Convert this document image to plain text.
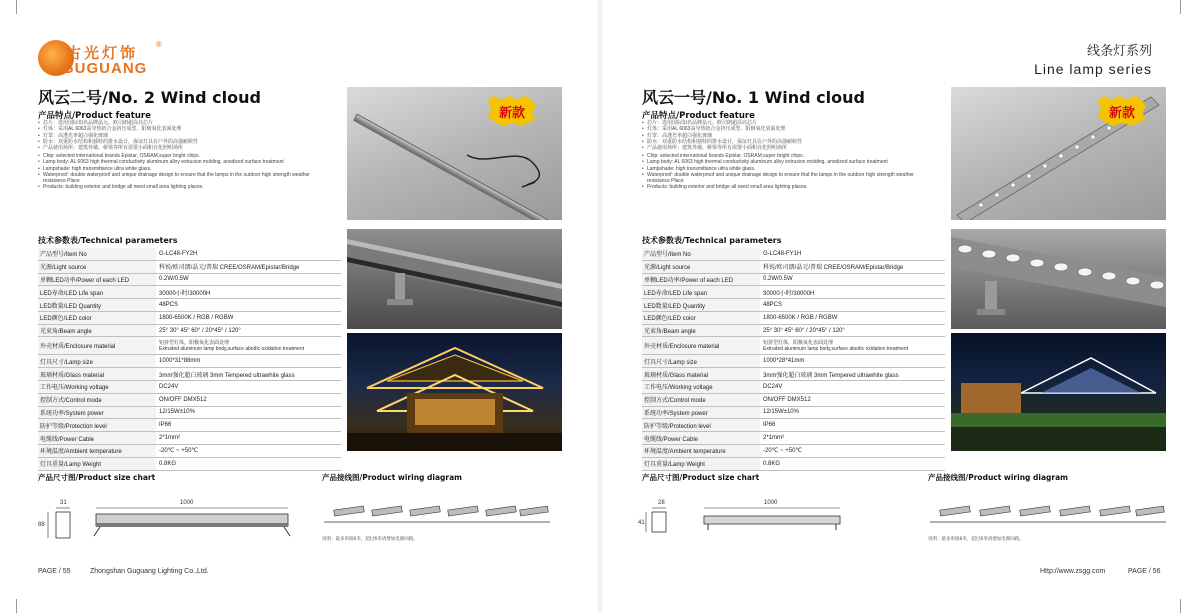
古光灯饰
GUGUANG
®
风云二号/No. 2 Wind cloud
产品特点/Product feature
• 芯片：选用国际知名品牌晶元、欧司朗超高亮芯片
• 灯体：采用AL 6063高导热铝合金挤压成型、阳极氧化表面处理
• 灯罩：高透光率超白强化玻璃
• 防水：双重防水结构和独特的排水设计，保证灯具在户外的高强耐候性
• 产品使用场所：建筑外墙、桥梁等所有需要小面积亮化照明场所
• Chip: selected international brands Epistar, OSRAM,super bright chips.
• Lamp body: AL 6063 high thermal conductivity aluminum alloy extrusion molding, anodized surface treatment
• Lampshade: high transmittance ultra white glass.
• Waterproof: double waterproof and unique drainage design to ensure that the lamps in the outdoor high strength weather resistance Place
• Products: building exterior and bridge all need small area lighting places.
新款
技术参数表/Technical parameters
产品型号/Item No	G-LC48-FY2H
光源/Light source	科锐/欧司朗/晶元/普瑞 CREE/OSRAM/Epistar/Bridge
单颗LED功率/Power of each LED	0.2W/0.5W
LED寿命/LED Life span	30000小时/30000H
LED数量/LED Quantity	48PCS
LED颜色/LED color	1800-6500K / RGB / RGBW
光束角/Beam angle	25° 30° 45° 60° / 20*45° / 120°
外壳材质/Enclosure material	铝挤型灯体，阳极氧化表面处理
Extruded aluminum lamp body,surface abodic oxidation treatment

灯具尺寸/Lamp size	1000*31*88mm
玻璃材质/Glass material	3mm强化超白玻璃 3mm Tempered ultrawhite glass
工作电压/Working voltage	DC24V
控制方式/Control mode	ON/OFF DMX512
系统功率/System power	12/15W±10%
防护等级/Protection level	IP66
电缆线/Power Cable	2*1mm²
环境温度/Ambient temperature	-20℃ ~ +50℃
灯具重量/Lamp Weight	0.8KG
产品尺寸图/Product size chart	产品接线图/Product wiring diagram
31	1000
88
说明：最多串接6米，超过6米请增加电源回路。
PAGE / 55	Zhongshan Guguang Lighting Co.,Ltd.
线条灯系列
Line lamp series
风云一号/No. 1 Wind cloud
产品特点/Product feature
• 芯片：选用国际知名品牌晶元、欧司朗超高亮芯片
• 灯体：采用AL 6063高导热铝合金挤压成型、阳极氧化表面处理
• 灯罩：高透光率超白强化玻璃
• 防水：双重防水结构和独特的排水设计，保证灯具在户外的高强耐候性
• 产品使用场所：建筑外墙、桥梁等所有需要小面积亮化照明场所
• Chip: selected international brands Epistar, OSRAM,super bright chips.
• Lamp body: AL 6063 high thermal conductivity aluminum alloy extrusion molding, anodized surface treatment
• Lampshade: high transmittance ultra white glass.
• Waterproof: double waterproof and unique drainage design to ensure that the lamps in the outdoor high strength weather resistance Place
• Products: building exterior and bridge all need small area lighting places.
新款
技术参数表/Technical parameters
产品型号/Item No	G-LC48-FY1H
光源/Light source	科锐/欧司朗/晶元/普瑞 CREE/OSRAM/Epistar/Bridge
单颗LED功率/Power of each LED	0.2W/0.5W
LED寿命/LED Life span	30000小时/30000H
LED数量/LED Quantity	48PCS
LED颜色/LED color	1800-6500K / RGB / RGBW
光束角/Beam angle	25° 30° 45° 60° / 20*45° / 120°
外壳材质/Enclosure material	铝挤型灯体，阳极氧化表面处理
Extruded aluminum lamp body,surface abodic oxidation treatment

灯具尺寸/Lamp size	1000*28*41mm
玻璃材质/Glass material	3mm强化超白玻璃 3mm Tempered ultrawhite glass
工作电压/Working voltage	DC24V
控制方式/Control mode	ON/OFF DMX512
系统功率/System power	12/15W±10%
防护等级/Protection level	IP66
电缆线/Power Cable	2*1mm²
环境温度/Ambient temperature	-20℃ ~ +50℃
灯具重量/Lamp Weight	0.8KG
产品尺寸图/Product size chart	产品接线图/Product wiring diagram
28	1000
41
说明：最多串接6米，超过6米请增加电源回路。
Http://www.zsgg.com	PAGE / 56
